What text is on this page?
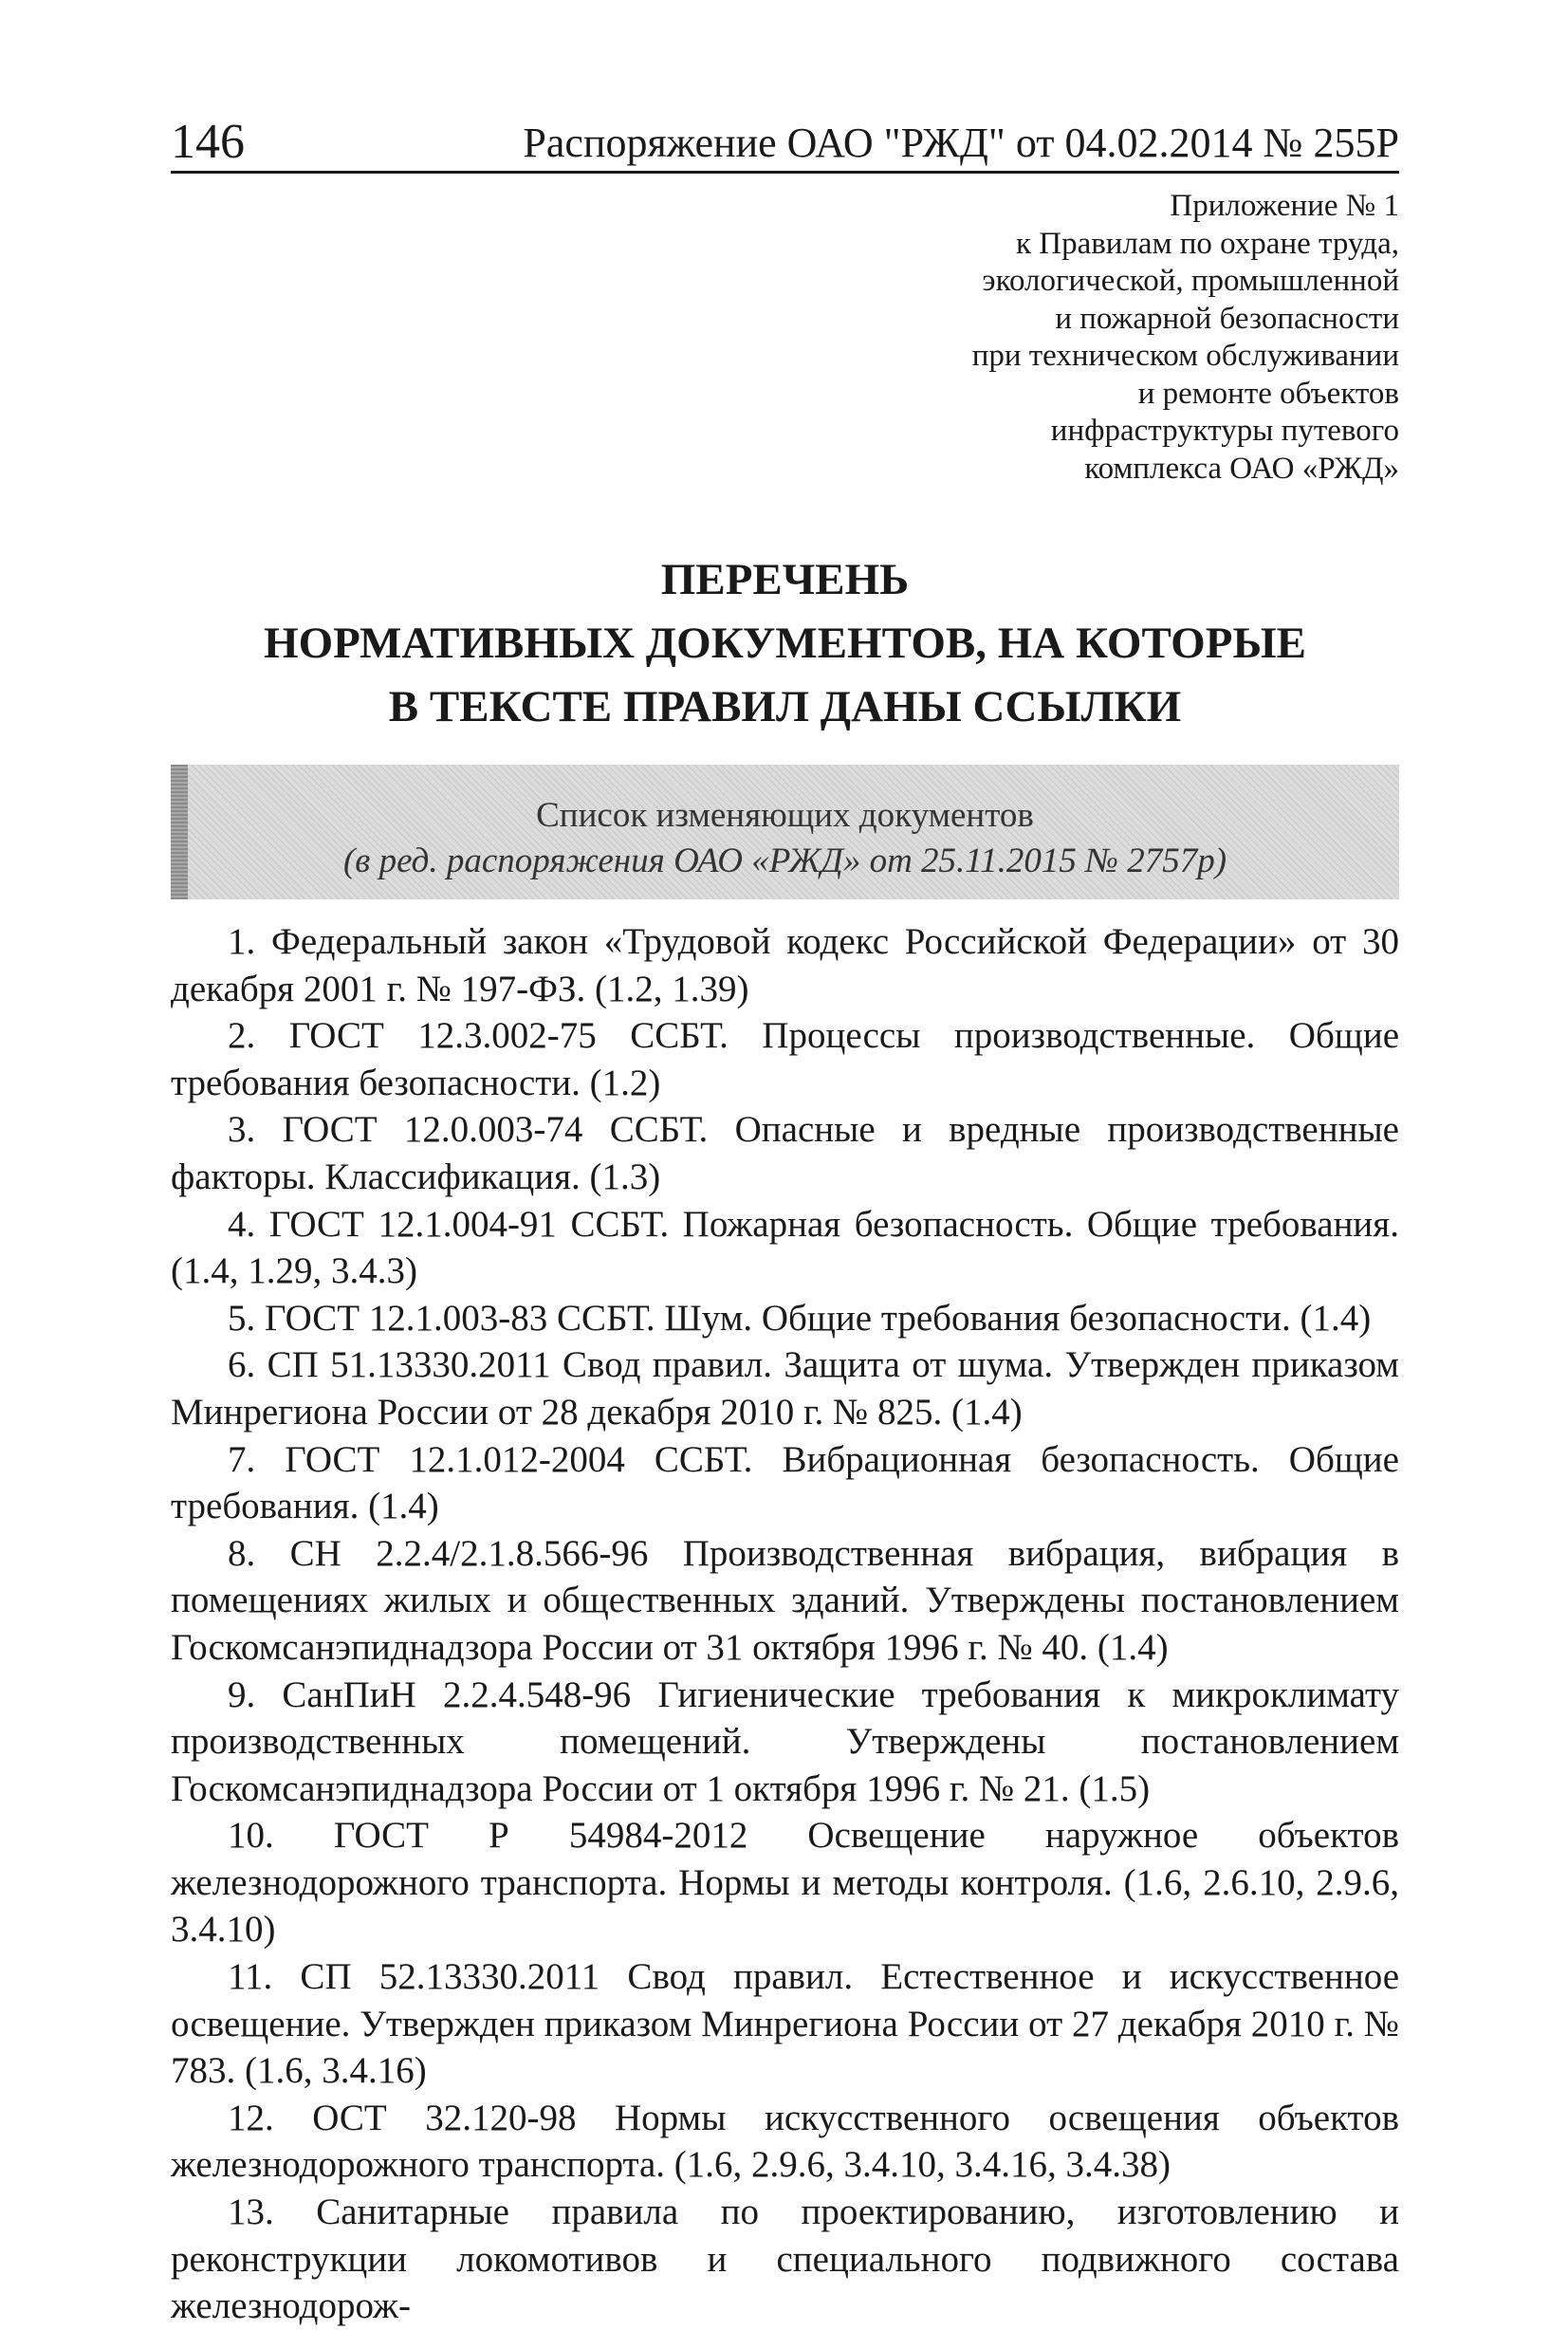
146	Распоряжение ОАО "РЖД" от 04.02.2014 № 255Р
Приложение № 1
к Правилам по охране труда,
экологической, промышленной
и пожарной безопасности
при техническом обслуживании
и ремонте объектов
инфраструктуры путевого
комплекса ОАО «РЖД»
ПЕРЕЧЕНЬ
НОРМАТИВНЫХ ДОКУМЕНТОВ, НА КОТОРЫЕ
В ТЕКСТЕ ПРАВИЛ ДАНЫ ССЫЛКИ
Список изменяющих документов
(в ред. распоряжения ОАО «РЖД» от 25.11.2015 № 2757р)

1. Федеральный закон «Трудовой кодекс Российской Федерации» от 30 декабря 2001 г. № 197-ФЗ. (1.2, 1.39)

2. ГОСТ 12.3.002-75 ССБТ. Процессы производственные. Общие требования безопасности. (1.2)

3. ГОСТ 12.0.003-74 ССБТ. Опасные и вредные производственные факторы. Классификация. (1.3)

4. ГОСТ 12.1.004-91 ССБТ. Пожарная безопасность. Общие требования. (1.4, 1.29, 3.4.3)

5. ГОСТ 12.1.003-83 ССБТ. Шум. Общие требования безопасности. (1.4)

6. СП 51.13330.2011 Свод правил. Защита от шума. Утвержден приказом Минрегиона России от 28 декабря 2010 г. № 825. (1.4)

7. ГОСТ 12.1.012-2004 ССБТ. Вибрационная безопасность. Общие требования. (1.4)

8. СН 2.2.4/2.1.8.566-96 Производственная вибрация, вибрация в помещениях жилых и общественных зданий. Утверждены постановлением Госкомсанэпиднадзора России от 31 октября 1996 г. № 40. (1.4)

9. СанПиН 2.2.4.548-96 Гигиенические требования к микроклимату производственных помещений. Утверждены постановлением Госкомсанэпиднадзора России от 1 октября 1996 г. № 21. (1.5)

10. ГОСТ Р 54984-2012 Освещение наружное объектов железнодорожного транспорта. Нормы и методы контроля. (1.6, 2.6.10, 2.9.6, 3.4.10)

11. СП 52.13330.2011 Свод правил. Естественное и искусственное освещение. Утвержден приказом Минрегиона России от 27 декабря 2010 г. № 783. (1.6, 3.4.16)

12. ОСТ 32.120-98 Нормы искусственного освещения объектов железнодорожного транспорта. (1.6, 2.9.6, 3.4.10, 3.4.16, 3.4.38)

13. Санитарные правила по проектированию, изготовлению и реконструкции локомотивов и специального подвижного состава железнодорож-
